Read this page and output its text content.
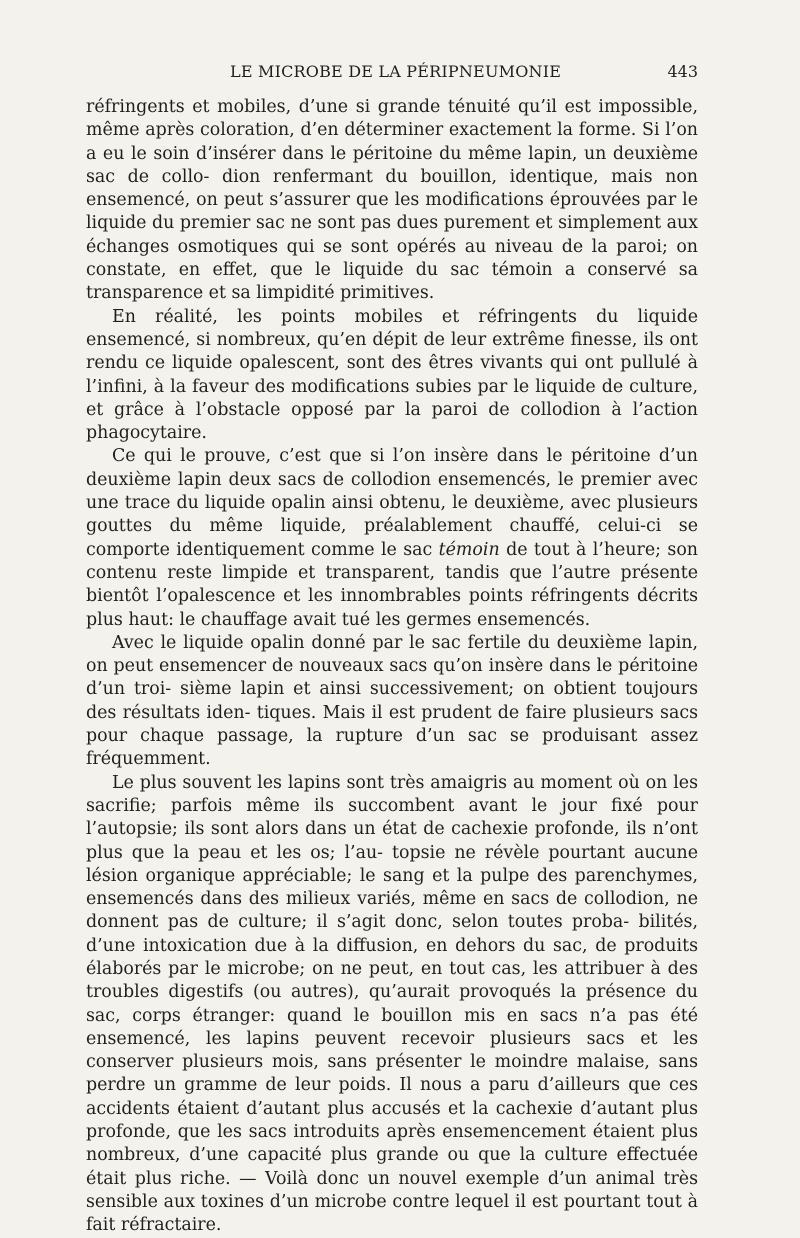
LE MICROBE DE LA PÉRIPNEUMONIE	443

réfringents et mobiles, d’une si grande ténuité qu’il est impossible, même après coloration, d’en déterminer exactement la forme. Si l’on a eu le soin d’insérer dans le péritoine du même lapin, un deuxième sac de collo- dion renfermant du bouillon, identique, mais non ensemencé, on peut s’assurer que les modifications éprouvées par le liquide du premier sac ne sont pas dues purement et simplement aux échanges osmotiques qui se sont opérés au niveau de la paroi; on constate, en effet, que le liquide du sac témoin a conservé sa transparence et sa limpidité primitives.

En réalité, les points mobiles et réfringents du liquide ensemencé, si nombreux, qu’en dépit de leur extrême finesse, ils ont rendu ce liquide opalescent, sont des êtres vivants qui ont pullulé à l’infini, à la faveur des modifications subies par le liquide de culture, et grâce à l’obstacle opposé par la paroi de collodion à l’action phagocytaire.

Ce qui le prouve, c’est que si l’on insère dans le péritoine d’un deuxième lapin deux sacs de collodion ensemencés, le premier avec une trace du liquide opalin ainsi obtenu, le deuxième, avec plusieurs gouttes du même liquide, préalablement chauffé, celui-ci se comporte identiquement comme le sac témoin de tout à l’heure; son contenu reste limpide et transparent, tandis que l’autre présente bientôt l’opalescence et les innombrables points réfringents décrits plus haut: le chauffage avait tué les germes ensemencés.

Avec le liquide opalin donné par le sac fertile du deuxième lapin, on peut ensemencer de nouveaux sacs qu’on insère dans le péritoine d’un troi- sième lapin et ainsi successivement; on obtient toujours des résultats iden- tiques. Mais il est prudent de faire plusieurs sacs pour chaque passage, la rupture d’un sac se produisant assez fréquemment.

Le plus souvent les lapins sont très amaigris au moment où on les sacrifie; parfois même ils succombent avant le jour fixé pour l’autopsie; ils sont alors dans un état de cachexie profonde, ils n’ont plus que la peau et les os; l’au- topsie ne révèle pourtant aucune lésion organique appréciable; le sang et la pulpe des parenchymes, ensemencés dans des milieux variés, même en sacs de collodion, ne donnent pas de culture; il s’agit donc, selon toutes proba- bilités, d’une intoxication due à la diffusion, en dehors du sac, de produits élaborés par le microbe; on ne peut, en tout cas, les attribuer à des troubles digestifs (ou autres), qu’aurait provoqués la présence du sac, corps étranger: quand le bouillon mis en sacs n’a pas été ensemencé, les lapins peuvent recevoir plusieurs sacs et les conserver plusieurs mois, sans présenter le moindre malaise, sans perdre un gramme de leur poids. Il nous a paru d’ailleurs que ces accidents étaient d’autant plus accusés et la cachexie d’autant plus profonde, que les sacs introduits après ensemencement étaient plus nombreux, d’une capacité plus grande ou que la culture effectuée était plus riche. — Voilà donc un nouvel exemple d’un animal très sensible aux toxines d’un microbe contre lequel il est pourtant tout à fait réfractaire.
